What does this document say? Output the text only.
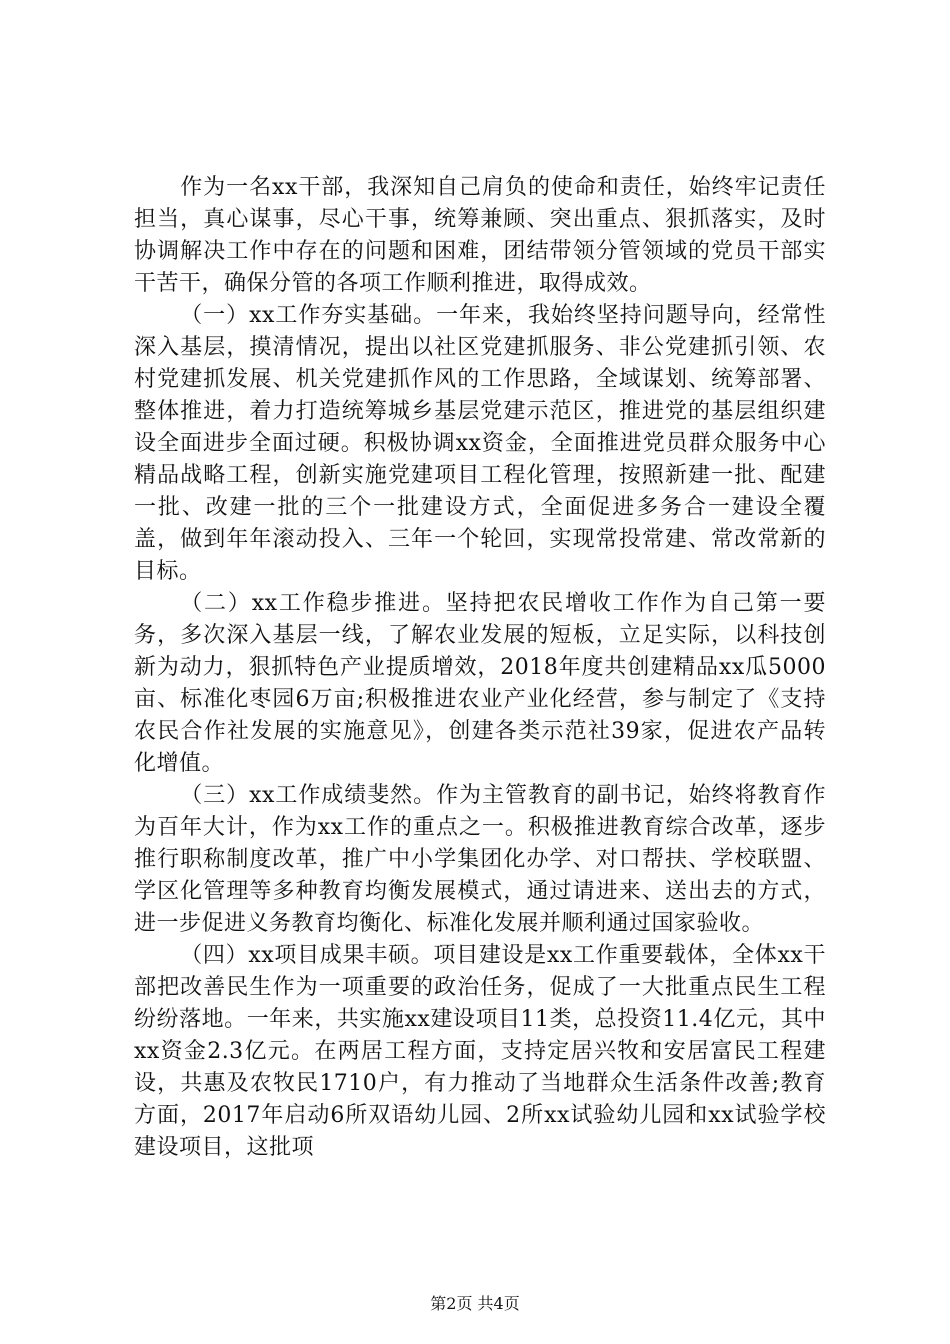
作为一名xx干部，我深知自己肩负的使命和责任，始终牢记责任担当，真心谋事，尽心干事，统筹兼顾、突出重点、狠抓落实，及时协调解决工作中存在的问题和困难，团结带领分管领域的党员干部实干苦干，确保分管的各项工作顺利推进，取得成效。

（一）xx工作夯实基础。一年来，我始终坚持问题导向，经常性深入基层，摸清情况，提出以社区党建抓服务、非公党建抓引领、农村党建抓发展、机关党建抓作风的工作思路，全域谋划、统筹部署、整体推进，着力打造统筹城乡基层党建示范区，推进党的基层组织建设全面进步全面过硬。积极协调xx资金，全面推进党员群众服务中心精品战略工程，创新实施党建项目工程化管理，按照新建一批、配建一批、改建一批的三个一批建设方式，全面促进多务合一建设全覆盖，做到年年滚动投入、三年一个轮回，实现常投常建、常改常新的目标。

（二）xx工作稳步推进。坚持把农民增收工作作为自己第一要务，多次深入基层一线，了解农业发展的短板，立足实际，以科技创新为动力，狠抓特色产业提质增效，2018年度共创建精品xx瓜5000亩、标准化枣园6万亩;积极推进农业产业化经营，参与制定了《支持农民合作社发展的实施意见》，创建各类示范社39家，促进农产品转化增值。

（三）xx工作成绩斐然。作为主管教育的副书记，始终将教育作为百年大计，作为xx工作的重点之一。积极推进教育综合改革，逐步推行职称制度改革，推广中小学集团化办学、对口帮扶、学校联盟、学区化管理等多种教育均衡发展模式，通过请进来、送出去的方式，进一步促进义务教育均衡化、标准化发展并顺利通过国家验收。

（四）xx项目成果丰硕。项目建设是xx工作重要载体，全体xx干部把改善民生作为一项重要的政治任务，促成了一大批重点民生工程纷纷落地。一年来，共实施xx建设项目11类，总投资11.4亿元，其中xx资金2.3亿元。在两居工程方面，支持定居兴牧和安居富民工程建设，共惠及农牧民1710户，有力推动了当地群众生活条件改善;教育方面，2017年启动6所双语幼儿园、2所xx试验幼儿园和xx试验学校建设项目，这批项

第2页 共4页
